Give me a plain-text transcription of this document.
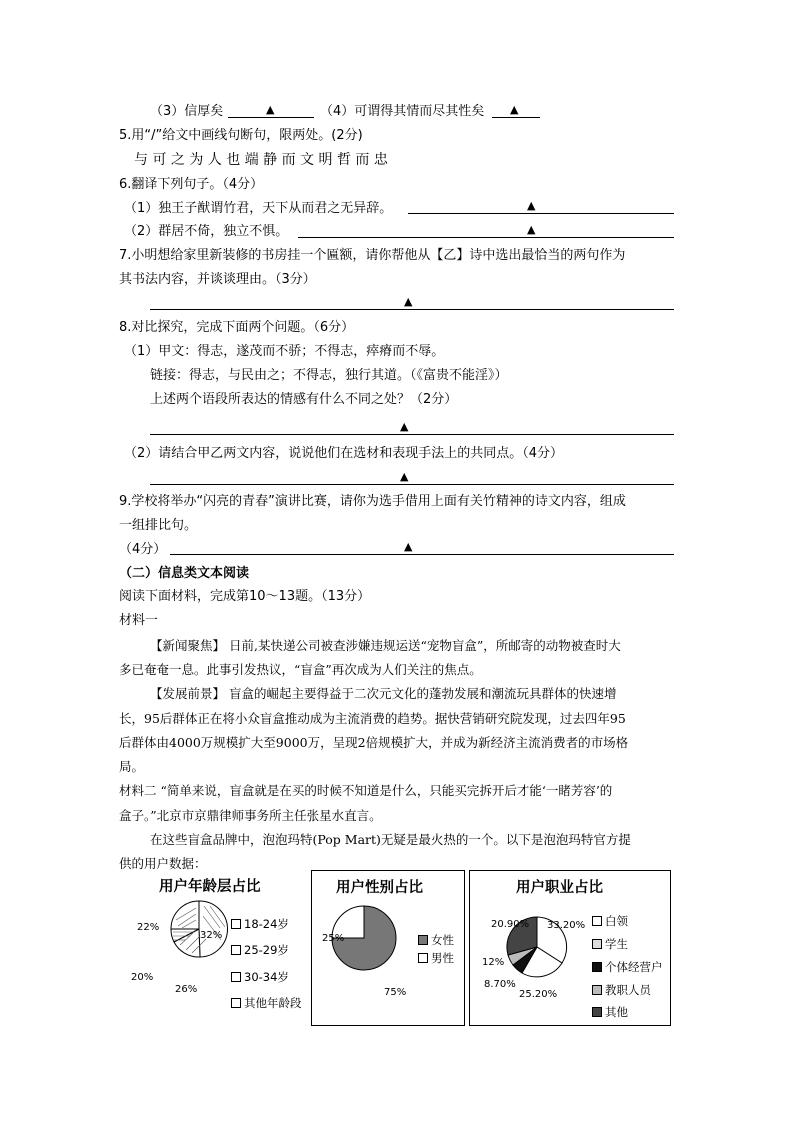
（3）信厚矣	▲	（4）可谓得其情而尽其性矣 ▲
5.用“/”给文中画线句断句，限两处。(2分)
与 可 之 为 人 也 端 静 而 文 明 哲 而 忠
6.翻译下列句子。（4分）
（1）独王子猷谓竹君，天下从而君之无异辞。	▲
（2）群居不倚，独立不惧。	▲
7.小明想给家里新装修的书房挂一个匾额，请你帮他从【乙】诗中选出最恰当的两句作为
其书法内容，并谈谈理由。（3分）
▲
8.对比探究，完成下面两个问题。（6分）
（1）甲文：得志，遂茂而不骄；不得志，瘁瘠而不辱。
链接：得志，与民由之；不得志，独行其道。（《富贵不能淫》）
上述两个语段所表达的情感有什么不同之处？（2分）
▲
（2）请结合甲乙两文内容，说说他们在选材和表现手法上的共同点。（4分）
▲
9.学校将举办“闪亮的青春”演讲比赛，请你为选手借用上面有关竹精神的诗文内容，组成
一组排比句。
（4分）	▲
（二）信息类文本阅读
阅读下面材料，完成第10～13题。（13分）
材料一
【新闻聚焦】 日前,某快递公司被查涉嫌违规运送“宠物盲盒”，所邮寄的动物被查时大
多已奄奄一息。此事引发热议，“盲盒”再次成为人们关注的焦点。
【发展前景】 盲盒的崛起主要得益于二次元文化的蓬勃发展和潮流玩具群体的快速增
长，95后群体正在将小众盲盒推动成为主流消费的趋势。据快营销研究院发现，过去四年95
后群体由4000万规模扩大至9000万，呈现2倍规模扩大，并成为新经济主流消费者的市场格
局。
材料二 “简单来说，盲盒就是在买的时候不知道是什么，只能买完拆开后才能‘一睹芳容’的
盒子。”北京市京鼎律师事务所主任张星水直言。
在这些盲盒品牌中，泡泡玛特(Pop Mart)无疑是最火热的一个。以下是泡泡玛特官方提
供的用户数据：
用户年龄层占比
22%
32%
26%
20%
18-24岁
25-29岁
30-34岁
其他年龄段
用户性别占比
25%
75%
女性
男性
用户职业占比
20.90% 33.20%
25.20%
8.70%
12%
白领
学生
个体经营户
教职人员
其他
